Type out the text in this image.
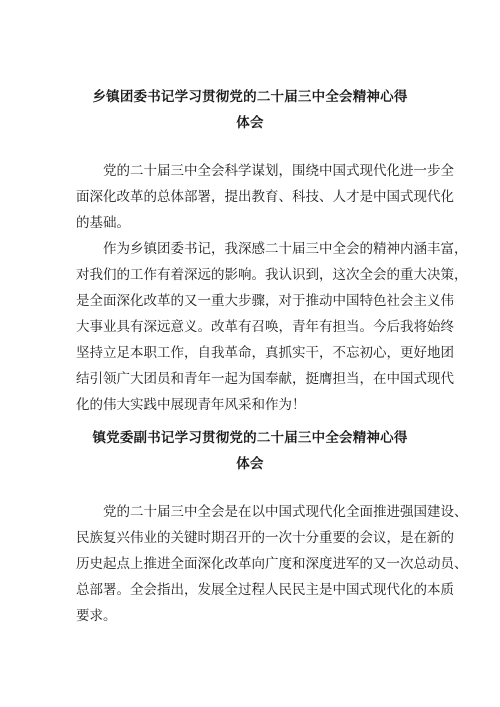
乡镇团委书记学习贯彻党的二十届三中全会精神心得
体会

党的二十届三中全会科学谋划，围绕中国式现代化进一步全
面深化改革的总体部署，提出教育、科技、人才是中国式现代化
的基础。
作为乡镇团委书记，我深感二十届三中全会的精神内涵丰富，
对我们的工作有着深远的影响。我认识到，这次全会的重大决策，
是全面深化改革的又一重大步骤，对于推动中国特色社会主义伟
大事业具有深远意义。改革有召唤，青年有担当。今后我将始终
坚持立足本职工作，自我革命，真抓实干，不忘初心，更好地团
结引领广大团员和青年一起为国奉献，挺膺担当，在中国式现代
化的伟大实践中展现青年风采和作为！

镇党委副书记学习贯彻党的二十届三中全会精神心得
体会

党的二十届三中全会是在以中国式现代化全面推进强国建设、
民族复兴伟业的关键时期召开的一次十分重要的会议，是在新的
历史起点上推进全面深化改革向广度和深度进军的又一次总动员、
总部署。全会指出，发展全过程人民民主是中国式现代化的本质
要求。
